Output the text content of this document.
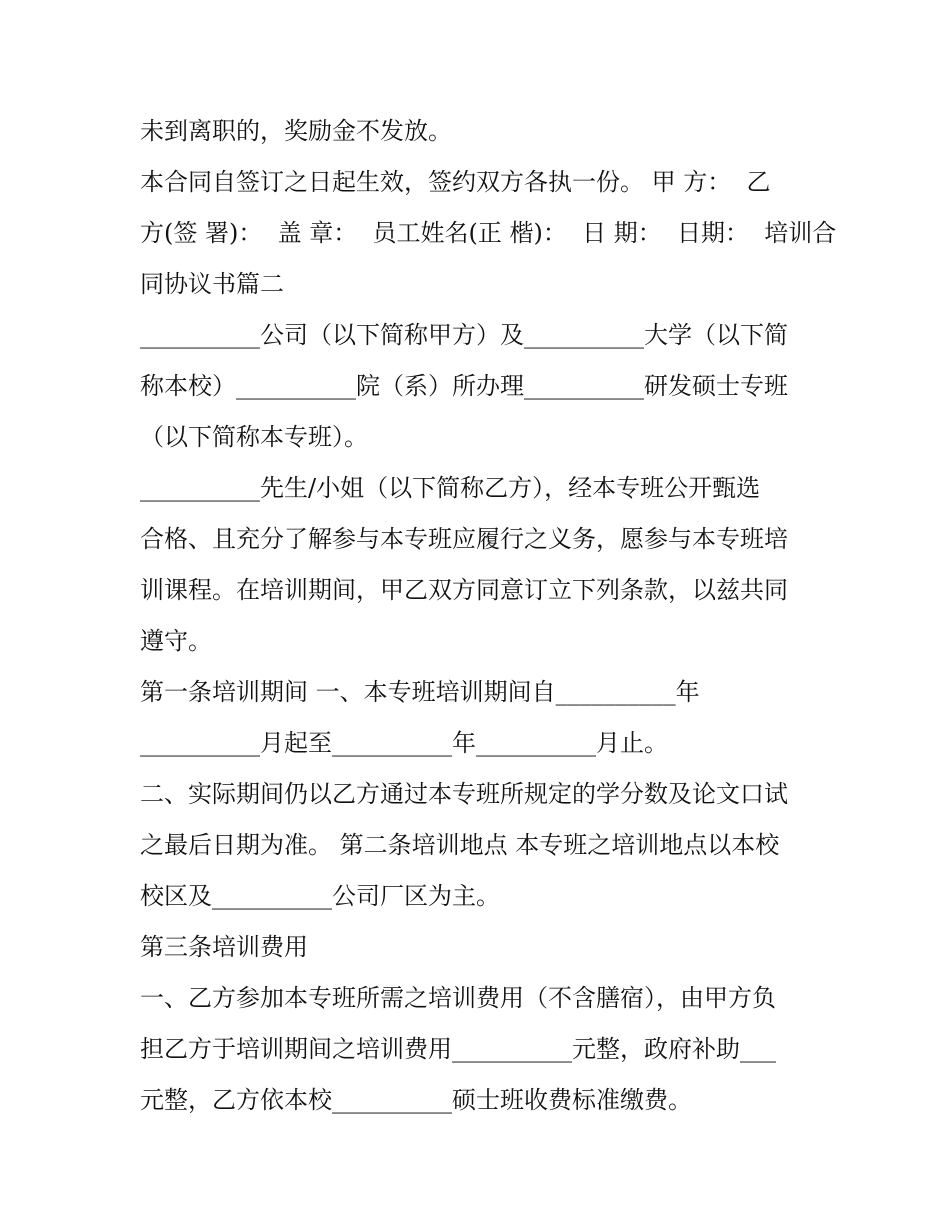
未到离职的，奖励金不发放。
本合同自签订之日起生效，签约双方各执一份。 甲 方：  乙
方(签 署)：  盖 章：  员工姓名(正 楷)：  日 期：  日期：  培训合
同协议书篇二
__________公司（以下简称甲方）及__________大学（以下简
称本校）__________院（系）所办理__________研发硕士专班
（以下简称本专班）。
__________先生/小姐（以下简称乙方），经本专班公开甄选
合格、且充分了解参与本专班应履行之义务，愿参与本专班培
训课程。在培训期间，甲乙双方同意订立下列条款，以兹共同
遵守。
第一条培训期间 一、本专班培训期间自__________年
__________月起至__________年__________月止。
二、实际期间仍以乙方通过本专班所规定的学分数及论文口试
之最后日期为准。 第二条培训地点 本专班之培训地点以本校
校区及__________公司厂区为主。
第三条培训费用
一、乙方参加本专班所需之培训费用（不含膳宿），由甲方负
担乙方于培训期间之培训费用__________元整，政府补助___
元整，乙方依本校__________硕士班收费标准缴费。
